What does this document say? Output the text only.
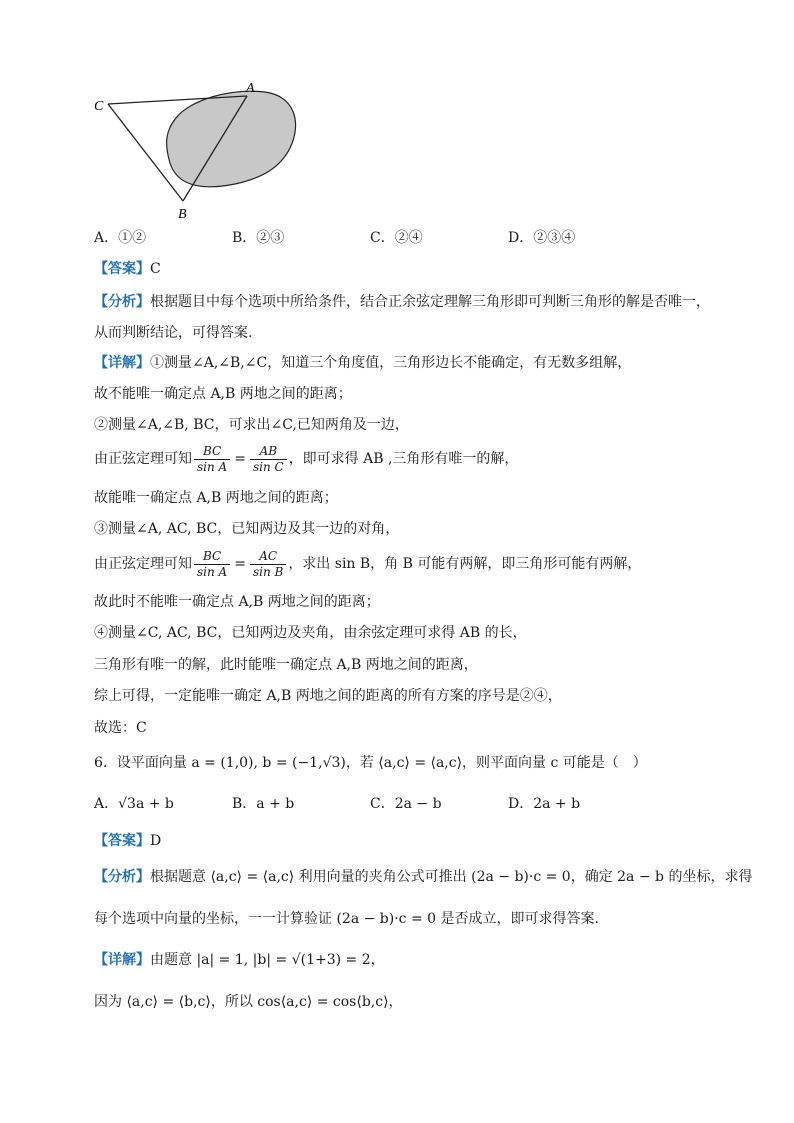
C
A
B
A．①②	B．②③	C．②④	D．②③④
【答案】C
【分析】根据题目中每个选项中所给条件，结合正余弦定理解三角形即可判断三角形的解是否唯一，
从而判断结论，可得答案.
【详解】①测量∠A,∠B,∠C，知道三个角度值，三角形边长不能确定，有无数多组解，
故不能唯一确定点 A,B 两地之间的距离；
②测量∠A,∠B, BC，可求出∠C,已知两角及一边，
由正弦定理可知 $\frac{BC}{\text{sin A}} = \frac{AB}{\text{sin C}}$ ，即可求得 AB ,三角形有唯一的解，
故能唯一确定点 A,B 两地之间的距离；
③测量∠A, AC, BC，已知两边及其一边的对角，
由正弦定理可知 $\frac{BC}{\text{sin A}} = \frac{AC}{\text{sin B}}$ ，求出 sin B，角 B 可能有两解，即三角形可能有两解，
故此时不能唯一确定点 A,B 两地之间的距离；
④测量∠C, AC, BC，已知两边及夹角，由余弦定理可求得 AB 的长，
三角形有唯一的解，此时能唯一确定点 A,B 两地之间的距离，
综上可得，一定能唯一确定 A,B 两地之间的距离的所有方案的序号是②④，
故选：C
6．设平面向量 a = (1,0), b = (−1,√3)，若 ⟨a,c⟩ = ⟨a,c⟩，则平面向量 c 可能是（　）
A．√3a + b	B．a + b	C．2a − b	D．2a + b
【答案】D
【分析】根据题意 ⟨a,c⟩ = ⟨a,c⟩ 利用向量的夹角公式可推出 (2a − b)·c = 0，确定 2a − b 的坐标，求得
每个选项中向量的坐标，一一计算验证 (2a − b)·c = 0 是否成立，即可求得答案.
【详解】由题意 |a| = 1, |b| = √(1+3) = 2，
因为 ⟨a,c⟩ = ⟨b,c⟩，所以 cos⟨a,c⟩ = cos⟨b,c⟩，
